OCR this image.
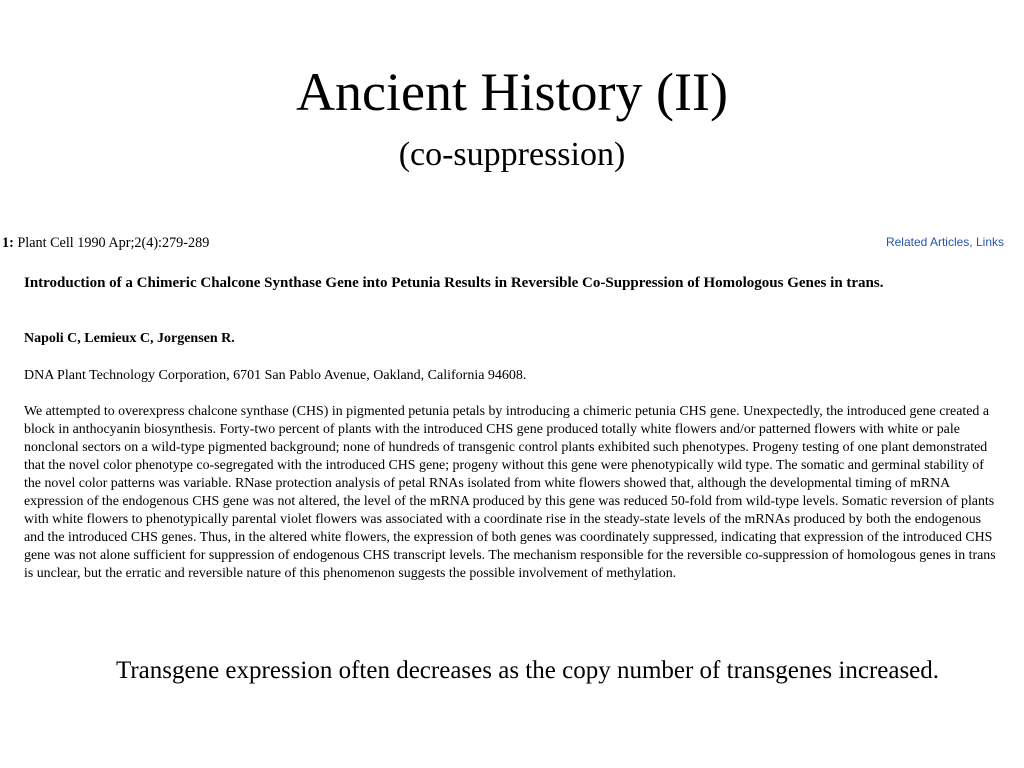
Ancient History (II)
(co-suppression)
1: Plant Cell 1990 Apr;2(4):279-289	Related Articles, Links
Introduction of a Chimeric Chalcone Synthase Gene into Petunia Results in Reversible Co-Suppression of Homologous Genes in trans.
Napoli C, Lemieux C, Jorgensen R.
DNA Plant Technology Corporation, 6701 San Pablo Avenue, Oakland, California 94608.
We attempted to overexpress chalcone synthase (CHS) in pigmented petunia petals by introducing a chimeric petunia CHS gene. Unexpectedly, the introduced gene created a block in anthocyanin biosynthesis. Forty-two percent of plants with the introduced CHS gene produced totally white flowers and/or patterned flowers with white or pale nonclonal sectors on a wild-type pigmented background; none of hundreds of transgenic control plants exhibited such phenotypes. Progeny testing of one plant demonstrated that the novel color phenotype co-segregated with the introduced CHS gene; progeny without this gene were phenotypically wild type. The somatic and germinal stability of the novel color patterns was variable. RNase protection analysis of petal RNAs isolated from white flowers showed that, although the developmental timing of mRNA expression of the endogenous CHS gene was not altered, the level of the mRNA produced by this gene was reduced 50-fold from wild-type levels. Somatic reversion of plants with white flowers to phenotypically parental violet flowers was associated with a coordinate rise in the steady-state levels of the mRNAs produced by both the endogenous and the introduced CHS genes. Thus, in the altered white flowers, the expression of both genes was coordinately suppressed, indicating that expression of the introduced CHS gene was not alone sufficient for suppression of endogenous CHS transcript levels. The mechanism responsible for the reversible co-suppression of homologous genes in trans is unclear, but the erratic and reversible nature of this phenomenon suggests the possible involvement of methylation.
Transgene expression often decreases as the copy number of transgenes increased.
